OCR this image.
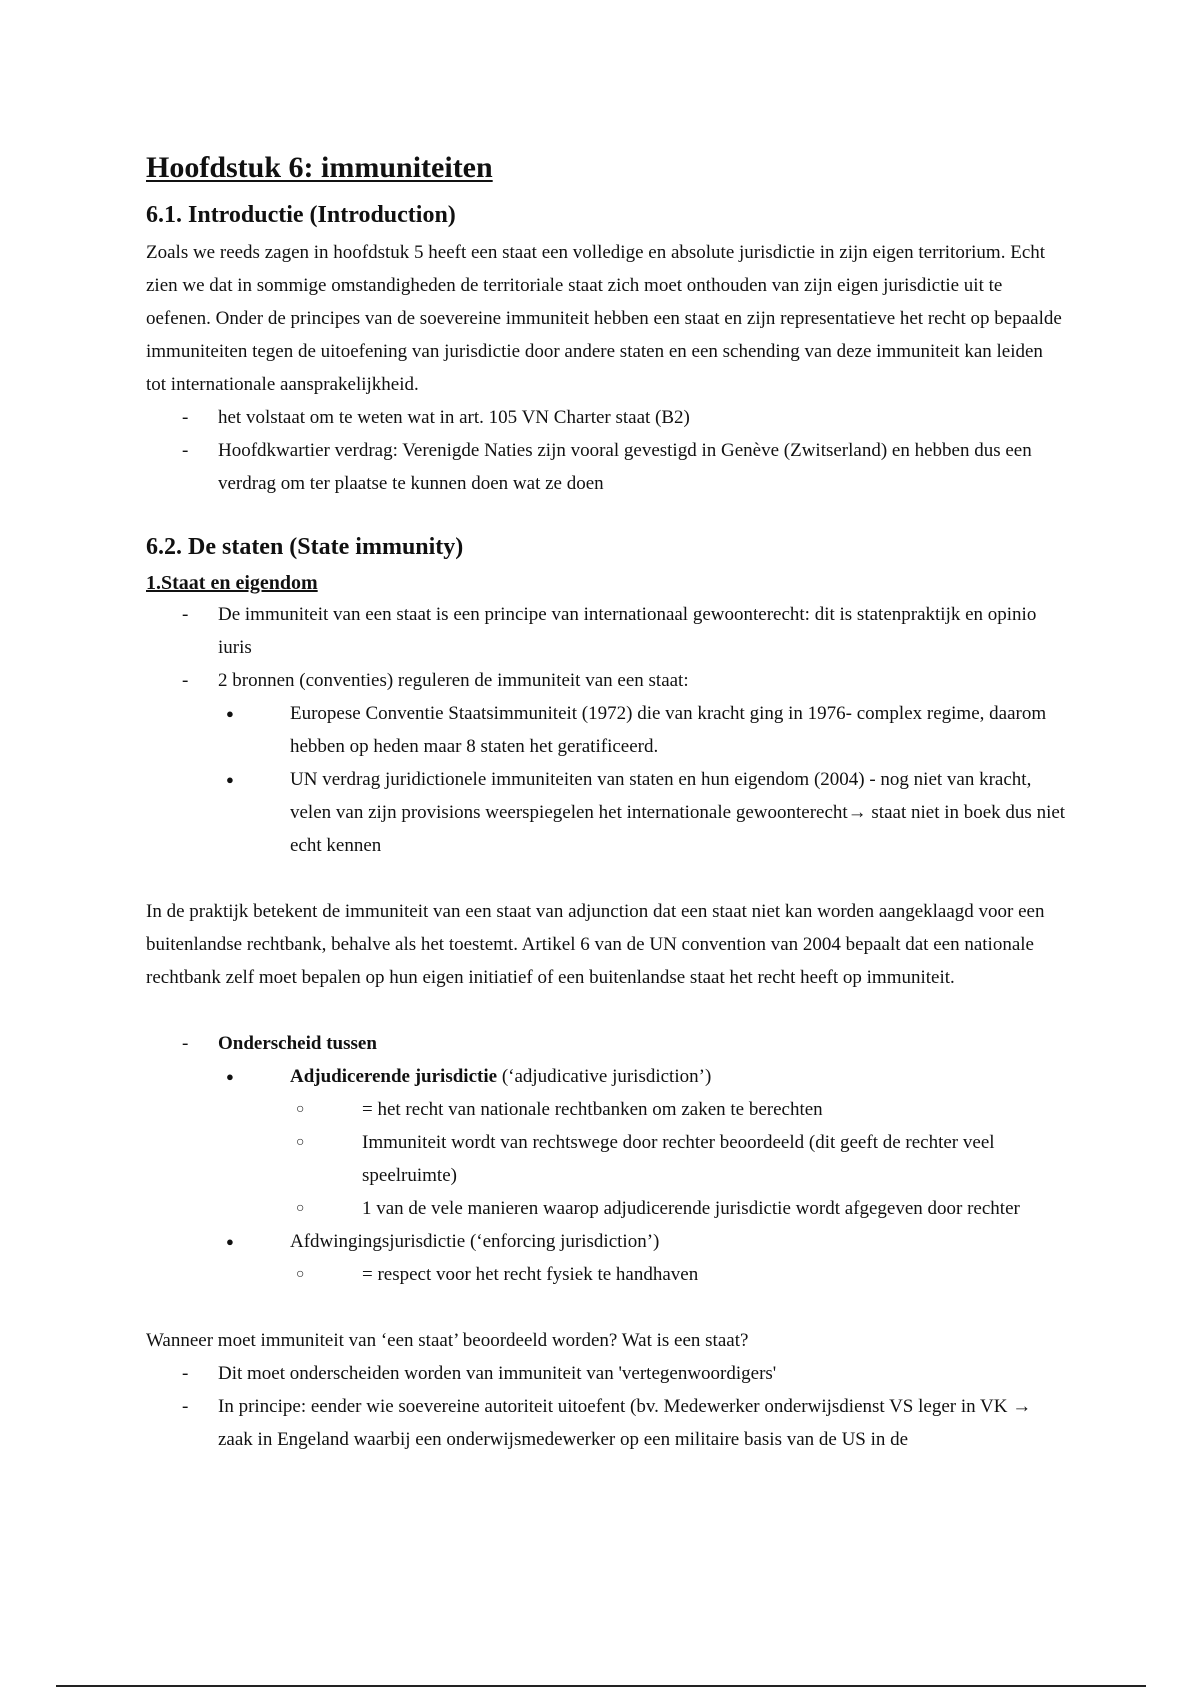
Hoofdstuk 6: immuniteiten
6.1. Introductie (Introduction)

Zoals we reeds zagen in hoofdstuk 5 heeft een staat een volledige en absolute jurisdictie in zijn eigen territorium. Echt zien we dat in sommige omstandigheden de territoriale staat zich moet onthouden van zijn eigen jurisdictie uit te oefenen. Onder de principes van de soevereine immuniteit hebben een staat en zijn representatieve het recht op bepaalde immuniteiten tegen de uitoefening van jurisdictie door andere staten en een schending van deze immuniteit kan leiden tot internationale aansprakelijkheid.

- het volstaat om te weten wat in art. 105 VN Charter staat (B2)
- Hoofdkwartier verdrag: Verenigde Naties zijn vooral gevestigd in Genève (Zwitserland) en hebben dus een verdrag om ter plaatse te kunnen doen wat ze doen
6.2. De staten (State immunity)
1.Staat en eigendom
- De immuniteit van een staat is een principe van internationaal gewoonterecht: dit is statenpraktijk en opinio iuris
- 2 bronnen (conventies) reguleren de immuniteit van een staat:
● Europese Conventie Staatsimmuniteit (1972) die van kracht ging in 1976- complex regime, daarom hebben op heden maar 8 staten het geratificeerd.
● UN verdrag juridictionele immuniteiten van staten en hun eigendom (2004) - nog niet van kracht, velen van zijn provisions weerspiegelen het internationale gewoonterecht→ staat niet in boek dus niet echt kennen

In de praktijk betekent de immuniteit van een staat van adjunction dat een staat niet kan worden aangeklaagd voor een buitenlandse rechtbank, behalve als het toestemt. Artikel 6 van de UN convention van 2004 bepaalt dat een nationale rechtbank zelf moet bepalen op hun eigen initiatief of een buitenlandse staat het recht heeft op immuniteit.

- Onderscheid tussen
● Adjudicerende jurisdictie (‘adjudicative jurisdiction’)
○ = het recht van nationale rechtbanken om zaken te berechten
○ Immuniteit wordt van rechtswege door rechter beoordeeld (dit geeft de rechter veel speelruimte)
○ 1 van de vele manieren waarop adjudicerende jurisdictie wordt afgegeven door rechter
● Afdwingingsjurisdictie (‘enforcing jurisdiction’)
○ = respect voor het recht fysiek te handhaven

Wanneer moet immuniteit van ‘een staat’ beoordeeld worden? Wat is een staat?

- Dit moet onderscheiden worden van immuniteit van 'vertegenwoordigers'
- In principe: eender wie soevereine autoriteit uitoefent (bv. Medewerker onderwijsdienst VS leger in VK → zaak in Engeland waarbij een onderwijsmedewerker op een militaire basis van de US in de
